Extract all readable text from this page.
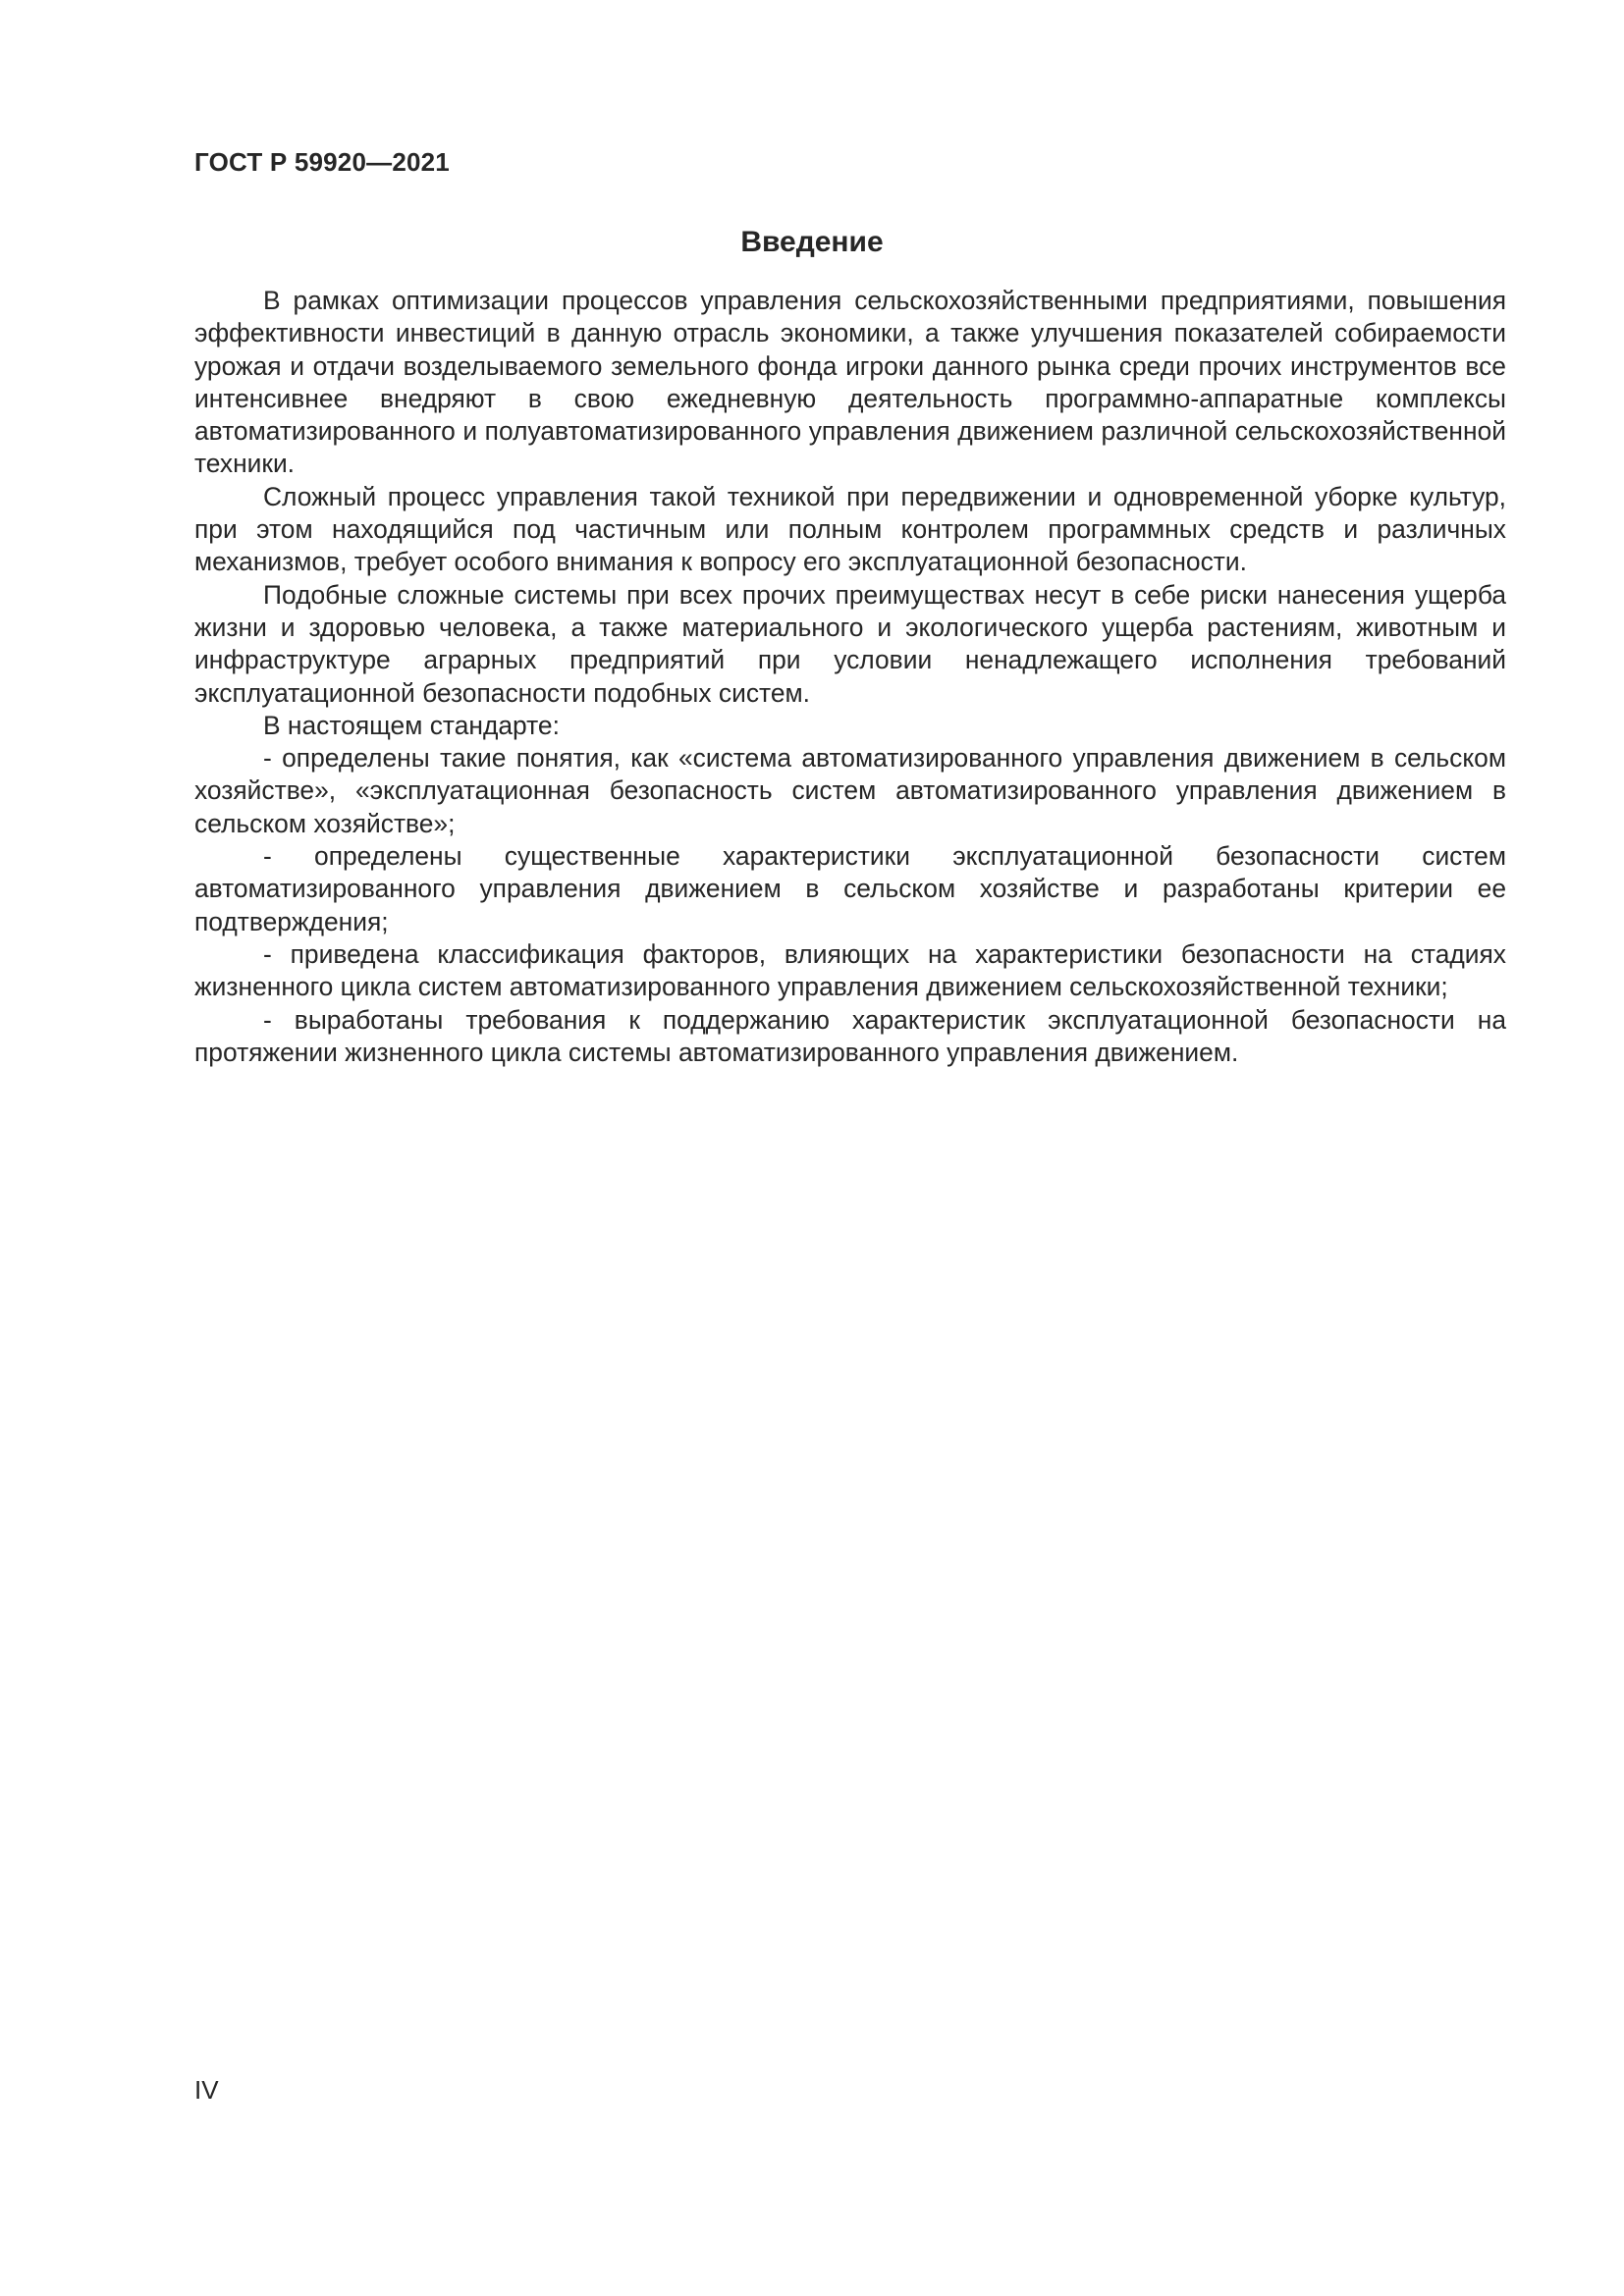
ГОСТ Р 59920—2021
Введение

В рамках оптимизации процессов управления сельскохозяйственными предприятиями, повышения эффективности инвестиций в данную отрасль экономики, а также улучшения показателей собираемости урожая и отдачи возделываемого земельного фонда игроки данного рынка среди прочих инструментов все интенсивнее внедряют в свою ежедневную деятельность программно-аппаратные комплексы автоматизированного и полуавтоматизированного управления движением различной сельскохозяйственной техники.

Сложный процесс управления такой техникой при передвижении и одновременной уборке культур, при этом находящийся под частичным или полным контролем программных средств и различных механизмов, требует особого внимания к вопросу его эксплуатационной безопасности.

Подобные сложные системы при всех прочих преимуществах несут в себе риски нанесения ущерба жизни и здоровью человека, а также материального и экологического ущерба растениям, животным и инфраструктуре аграрных предприятий при условии ненадлежащего исполнения требований эксплуатационной безопасности подобных систем.

В настоящем стандарте:

- определены такие понятия, как «система автоматизированного управления движением в сельском хозяйстве», «эксплуатационная безопасность систем автоматизированного управления движением в сельском хозяйстве»;

- определены существенные характеристики эксплуатационной безопасности систем автоматизированного управления движением в сельском хозяйстве и разработаны критерии ее подтверждения;

- приведена классификация факторов, влияющих на характеристики безопасности на стадиях жизненного цикла систем автоматизированного управления движением сельскохозяйственной техники;

- выработаны требования к поддержанию характеристик эксплуатационной безопасности на протяжении жизненного цикла системы автоматизированного управления движением.

IV
